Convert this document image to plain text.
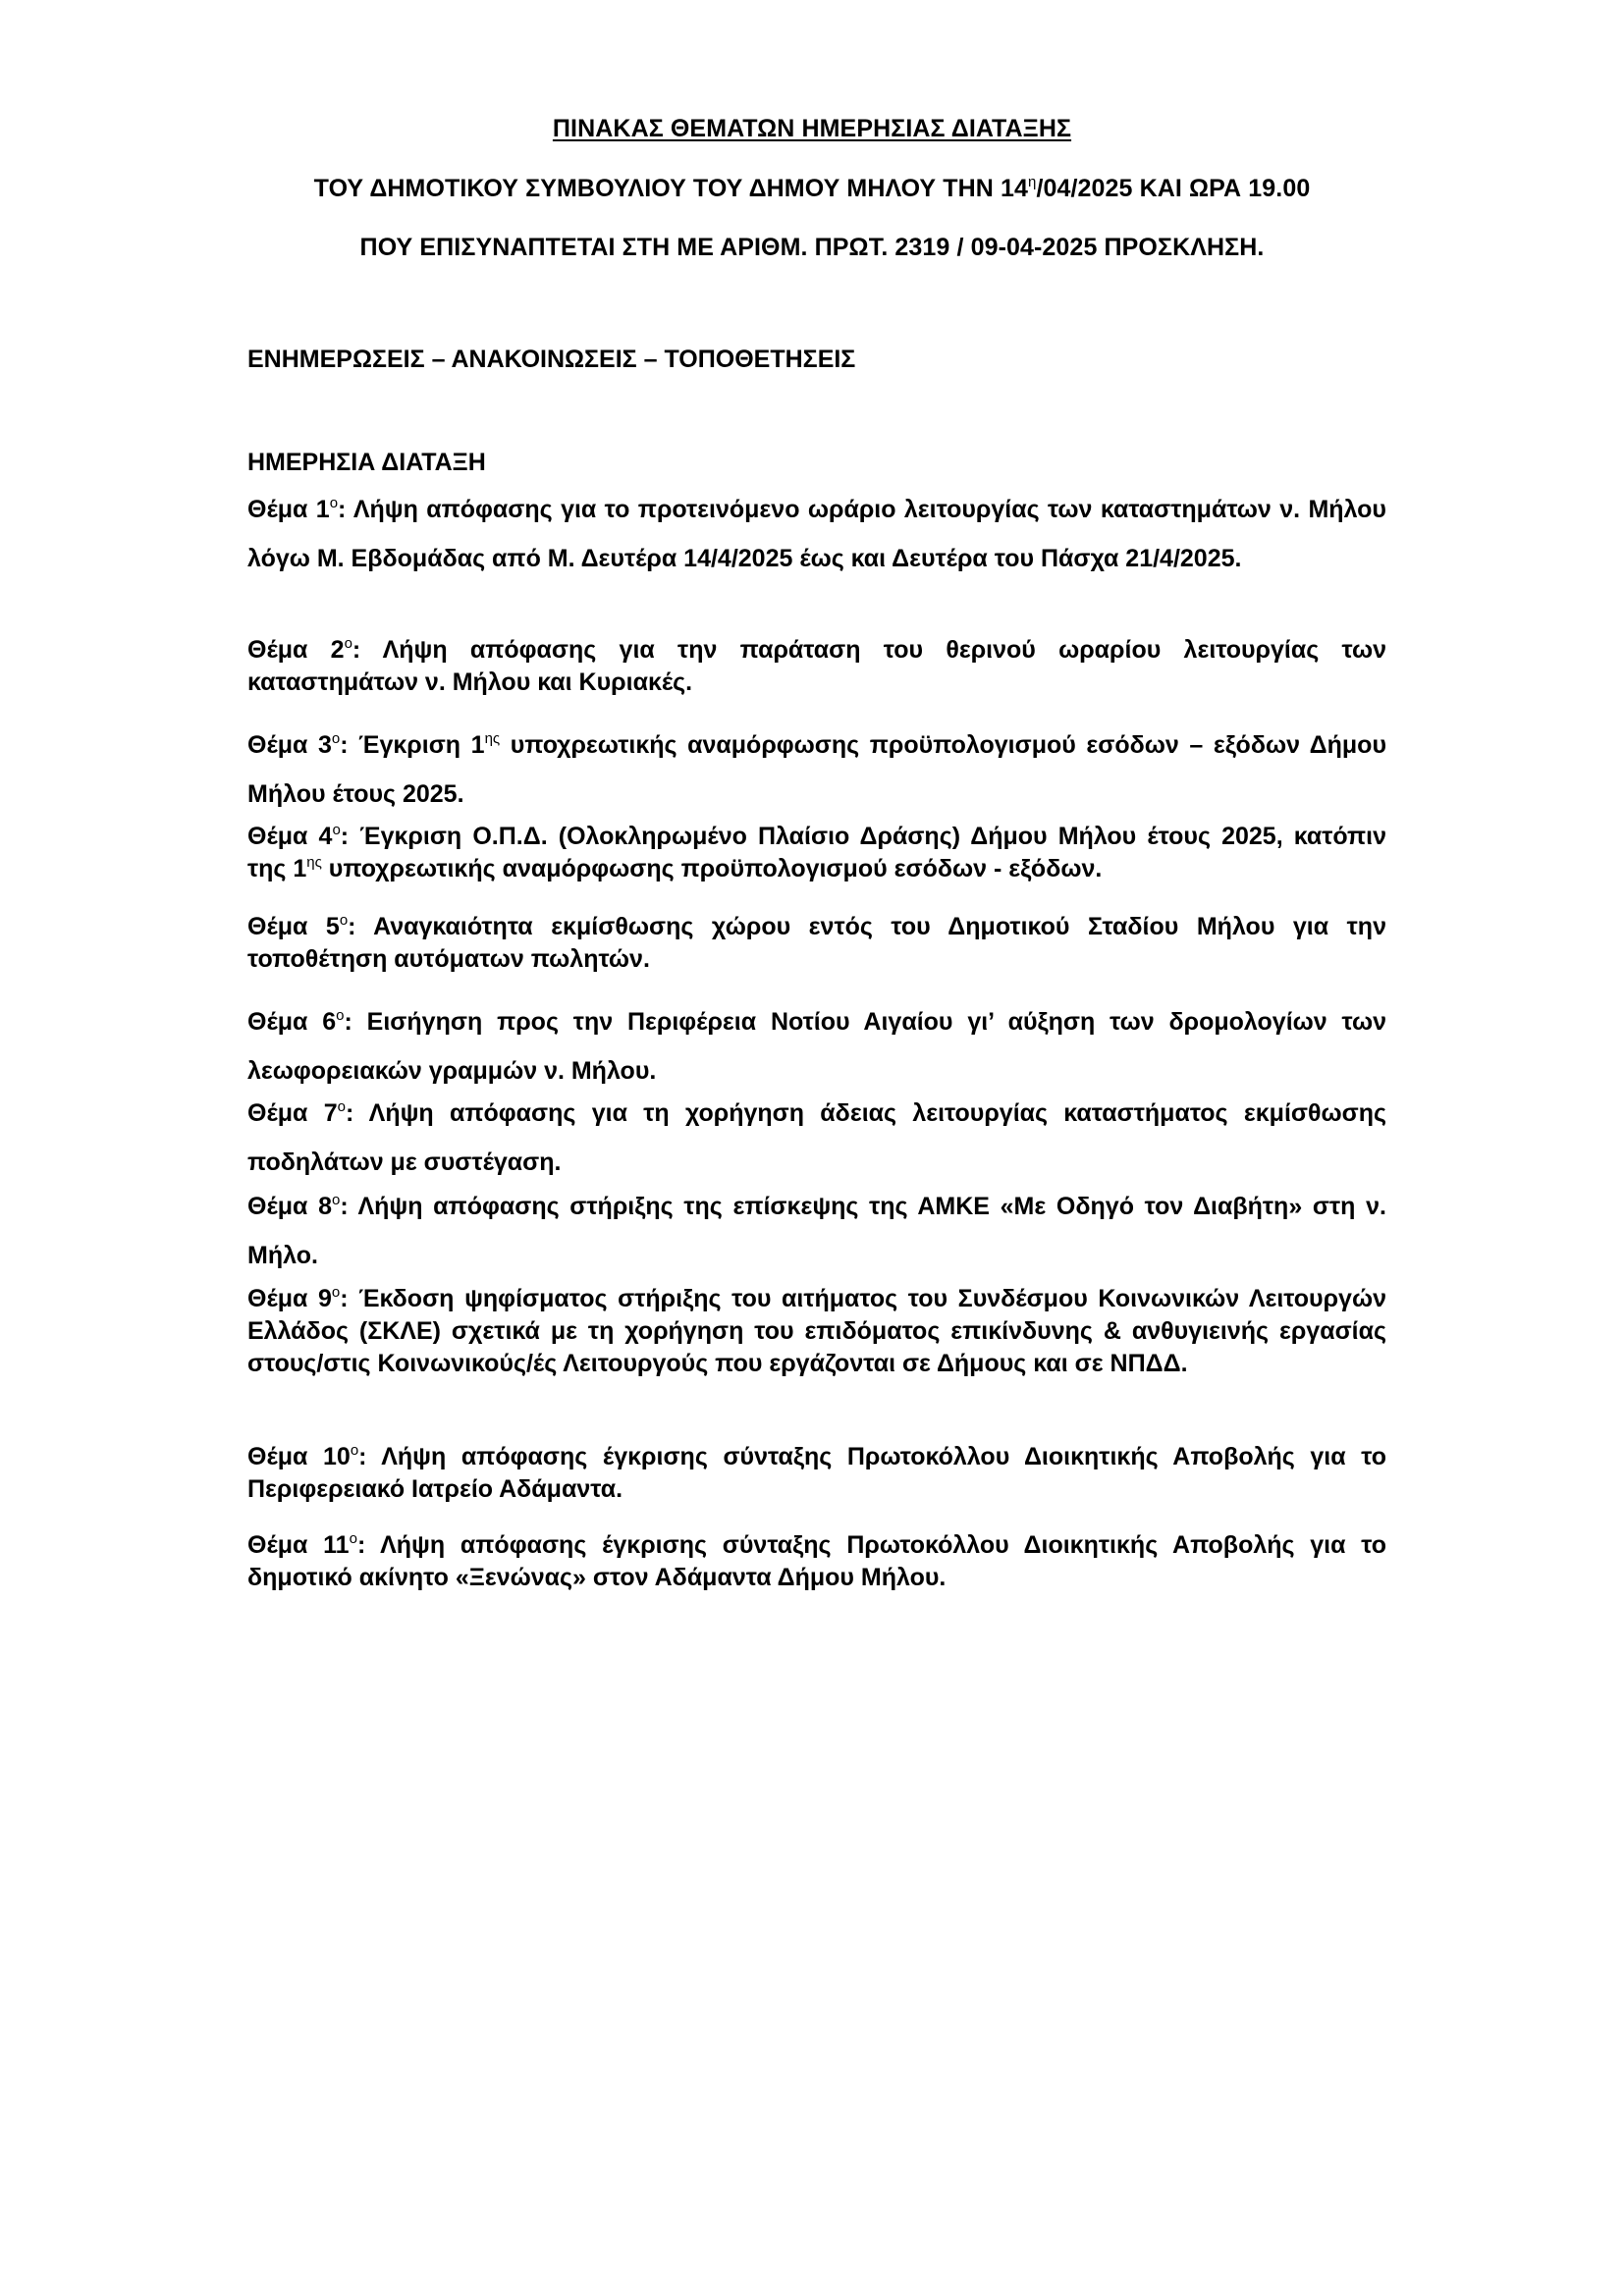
ΠΙΝΑΚΑΣ ΘΕΜΑΤΩΝ ΗΜΕΡΗΣΙΑΣ ΔΙΑΤΑΞΗΣ

ΤΟΥ ΔΗΜΟΤΙΚΟΥ ΣΥΜΒΟΥΛΙΟΥ ΤΟΥ ΔΗΜΟΥ ΜΗΛΟΥ ΤΗΝ $14^\eta/04/2025$ ΚΑΙ ΩΡΑ 19.00

ΠΟΥ ΕΠΙΣΥΝΑΠΤΕΤΑΙ ΣΤΗ ΜΕ ΑΡΙΘΜ. ΠΡΩΤ. 2319 / 09-04-2025 ΠΡΟΣΚΛΗΣΗ.

ΕΝΗΜΕΡΩΣΕΙΣ – ΑΝΑΚΟΙΝΩΣΕΙΣ – ΤΟΠΟΘΕΤΗΣΕΙΣ

ΗΜΕΡΗΣΙΑ ΔΙΑΤΑΞΗ

Θέμα $1^o$: Λήψη απόφασης για το προτεινόμενο ωράριο λειτουργίας των καταστημάτων ν. Μήλου λόγω Μ. Εβδομάδας από Μ. Δευτέρα 14/4/2025 έως και Δευτέρα του Πάσχα 21/4/2025.

Θέμα $2^o$: Λήψη απόφασης για την παράταση του θερινού ωραρίου λειτουργίας των καταστημάτων ν. Μήλου και Κυριακές.

Θέμα $3^o$: Έγκριση $1^{\eta\varsigma}$ υποχρεωτικής αναμόρφωσης προϋπολογισμού εσόδων – εξόδων Δήμου Μήλου έτους 2025.

Θέμα $4^o$: Έγκριση Ο.Π.Δ. (Ολοκληρωμένο Πλαίσιο Δράσης) Δήμου Μήλου έτους 2025, κατόπιν της $1^{\eta\varsigma}$ υποχρεωτικής αναμόρφωσης προϋπολογισμού εσόδων - εξόδων.

Θέμα $5^o$: Αναγκαιότητα εκμίσθωσης χώρου εντός του Δημοτικού Σταδίου Μήλου για την τοποθέτηση αυτόματων πωλητών.

Θέμα $6^o$: Εισήγηση προς την Περιφέρεια Νοτίου Αιγαίου γι’ αύξηση των δρομολογίων των λεωφορειακών γραμμών ν. Μήλου.

Θέμα $7^o$: Λήψη απόφασης για τη χορήγηση άδειας λειτουργίας καταστήματος εκμίσθωσης ποδηλάτων με συστέγαση.

Θέμα $8^o$: Λήψη απόφασης στήριξης της επίσκεψης της ΑΜΚΕ «Με Οδηγό τον Διαβήτη» στη ν. Μήλο.

Θέμα $9^o$: Έκδοση ψηφίσματος στήριξης του αιτήματος του Συνδέσμου Κοινωνικών Λειτουργών Ελλάδος (ΣΚΛΕ) σχετικά με τη χορήγηση του επιδόματος επικίνδυνης & ανθυγιεινής εργασίας στους/στις Κοινωνικούς/ές Λειτουργούς που εργάζονται σε Δήμους και σε ΝΠΔΔ.

Θέμα $10^o$: Λήψη απόφασης έγκρισης σύνταξης Πρωτοκόλλου Διοικητικής Αποβολής για το Περιφερειακό Ιατρείο Αδάμαντα.

Θέμα $11^o$: Λήψη απόφασης έγκρισης σύνταξης Πρωτοκόλλου Διοικητικής Αποβολής για το δημοτικό ακίνητο «Ξενώνας» στον Αδάμαντα Δήμου Μήλου.
